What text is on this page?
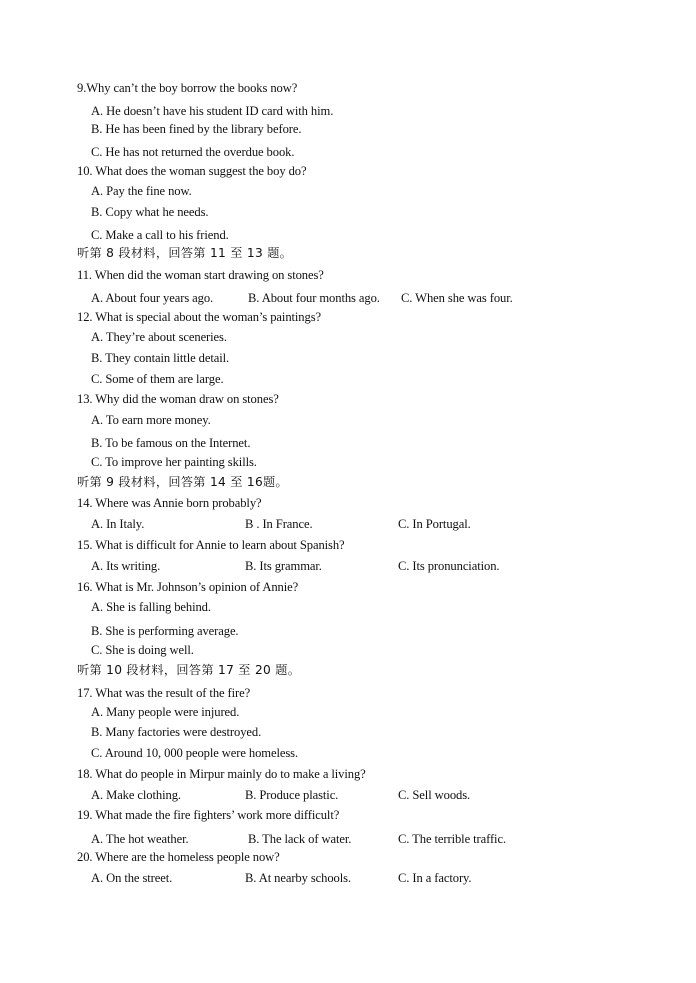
9.Why can’t the boy borrow the books now?
A. He doesn’t have his student ID card with him.
B. He has been fined by the library before.
C. He has not returned the overdue book.
10. What does the woman suggest the boy do?
A. Pay the fine now.
B. Copy what he needs.
C. Make a call to his friend.
听第 8 段材料，回答第 11 至 13 题。
11. When did the woman start drawing on stones?
A. About four years ago.	B. About four months ago. C. When she was four.
12. What is special about the woman’s paintings?
A. They’re about sceneries.
B. They contain little detail.
C. Some of them are large.
13. Why did the woman draw on stones?
A. To earn more money.
B. To be famous on the Internet.
C. To improve her painting skills.
听第 9 段材料，回答第 14 至 16题。
14. Where was Annie born probably?
A. In Italy.	B . In France.	C. In Portugal.
15. What is difficult for Annie to learn about Spanish?
A. Its writing.	B. Its grammar.	C. Its pronunciation.
16. What is Mr. Johnson’s opinion of Annie?
A. She is falling behind.
B. She is performing average.
C. She is doing well.
听第 10 段材料，回答第 17 至 20 题。
17. What was the result of the fire?
A. Many people were injured.
B. Many factories were destroyed.
C. Around 10, 000 people were homeless.
18. What do people in Mirpur mainly do to make a living?
A. Make clothing.	B. Produce plastic.	C. Sell woods.
19. What made the fire fighters’ work more difficult?
A. The hot weather.	B. The lack of water.	C. The terrible traffic.
20. Where are the homeless people now?
A. On the street.	B. At nearby schools.	C. In a factory.
